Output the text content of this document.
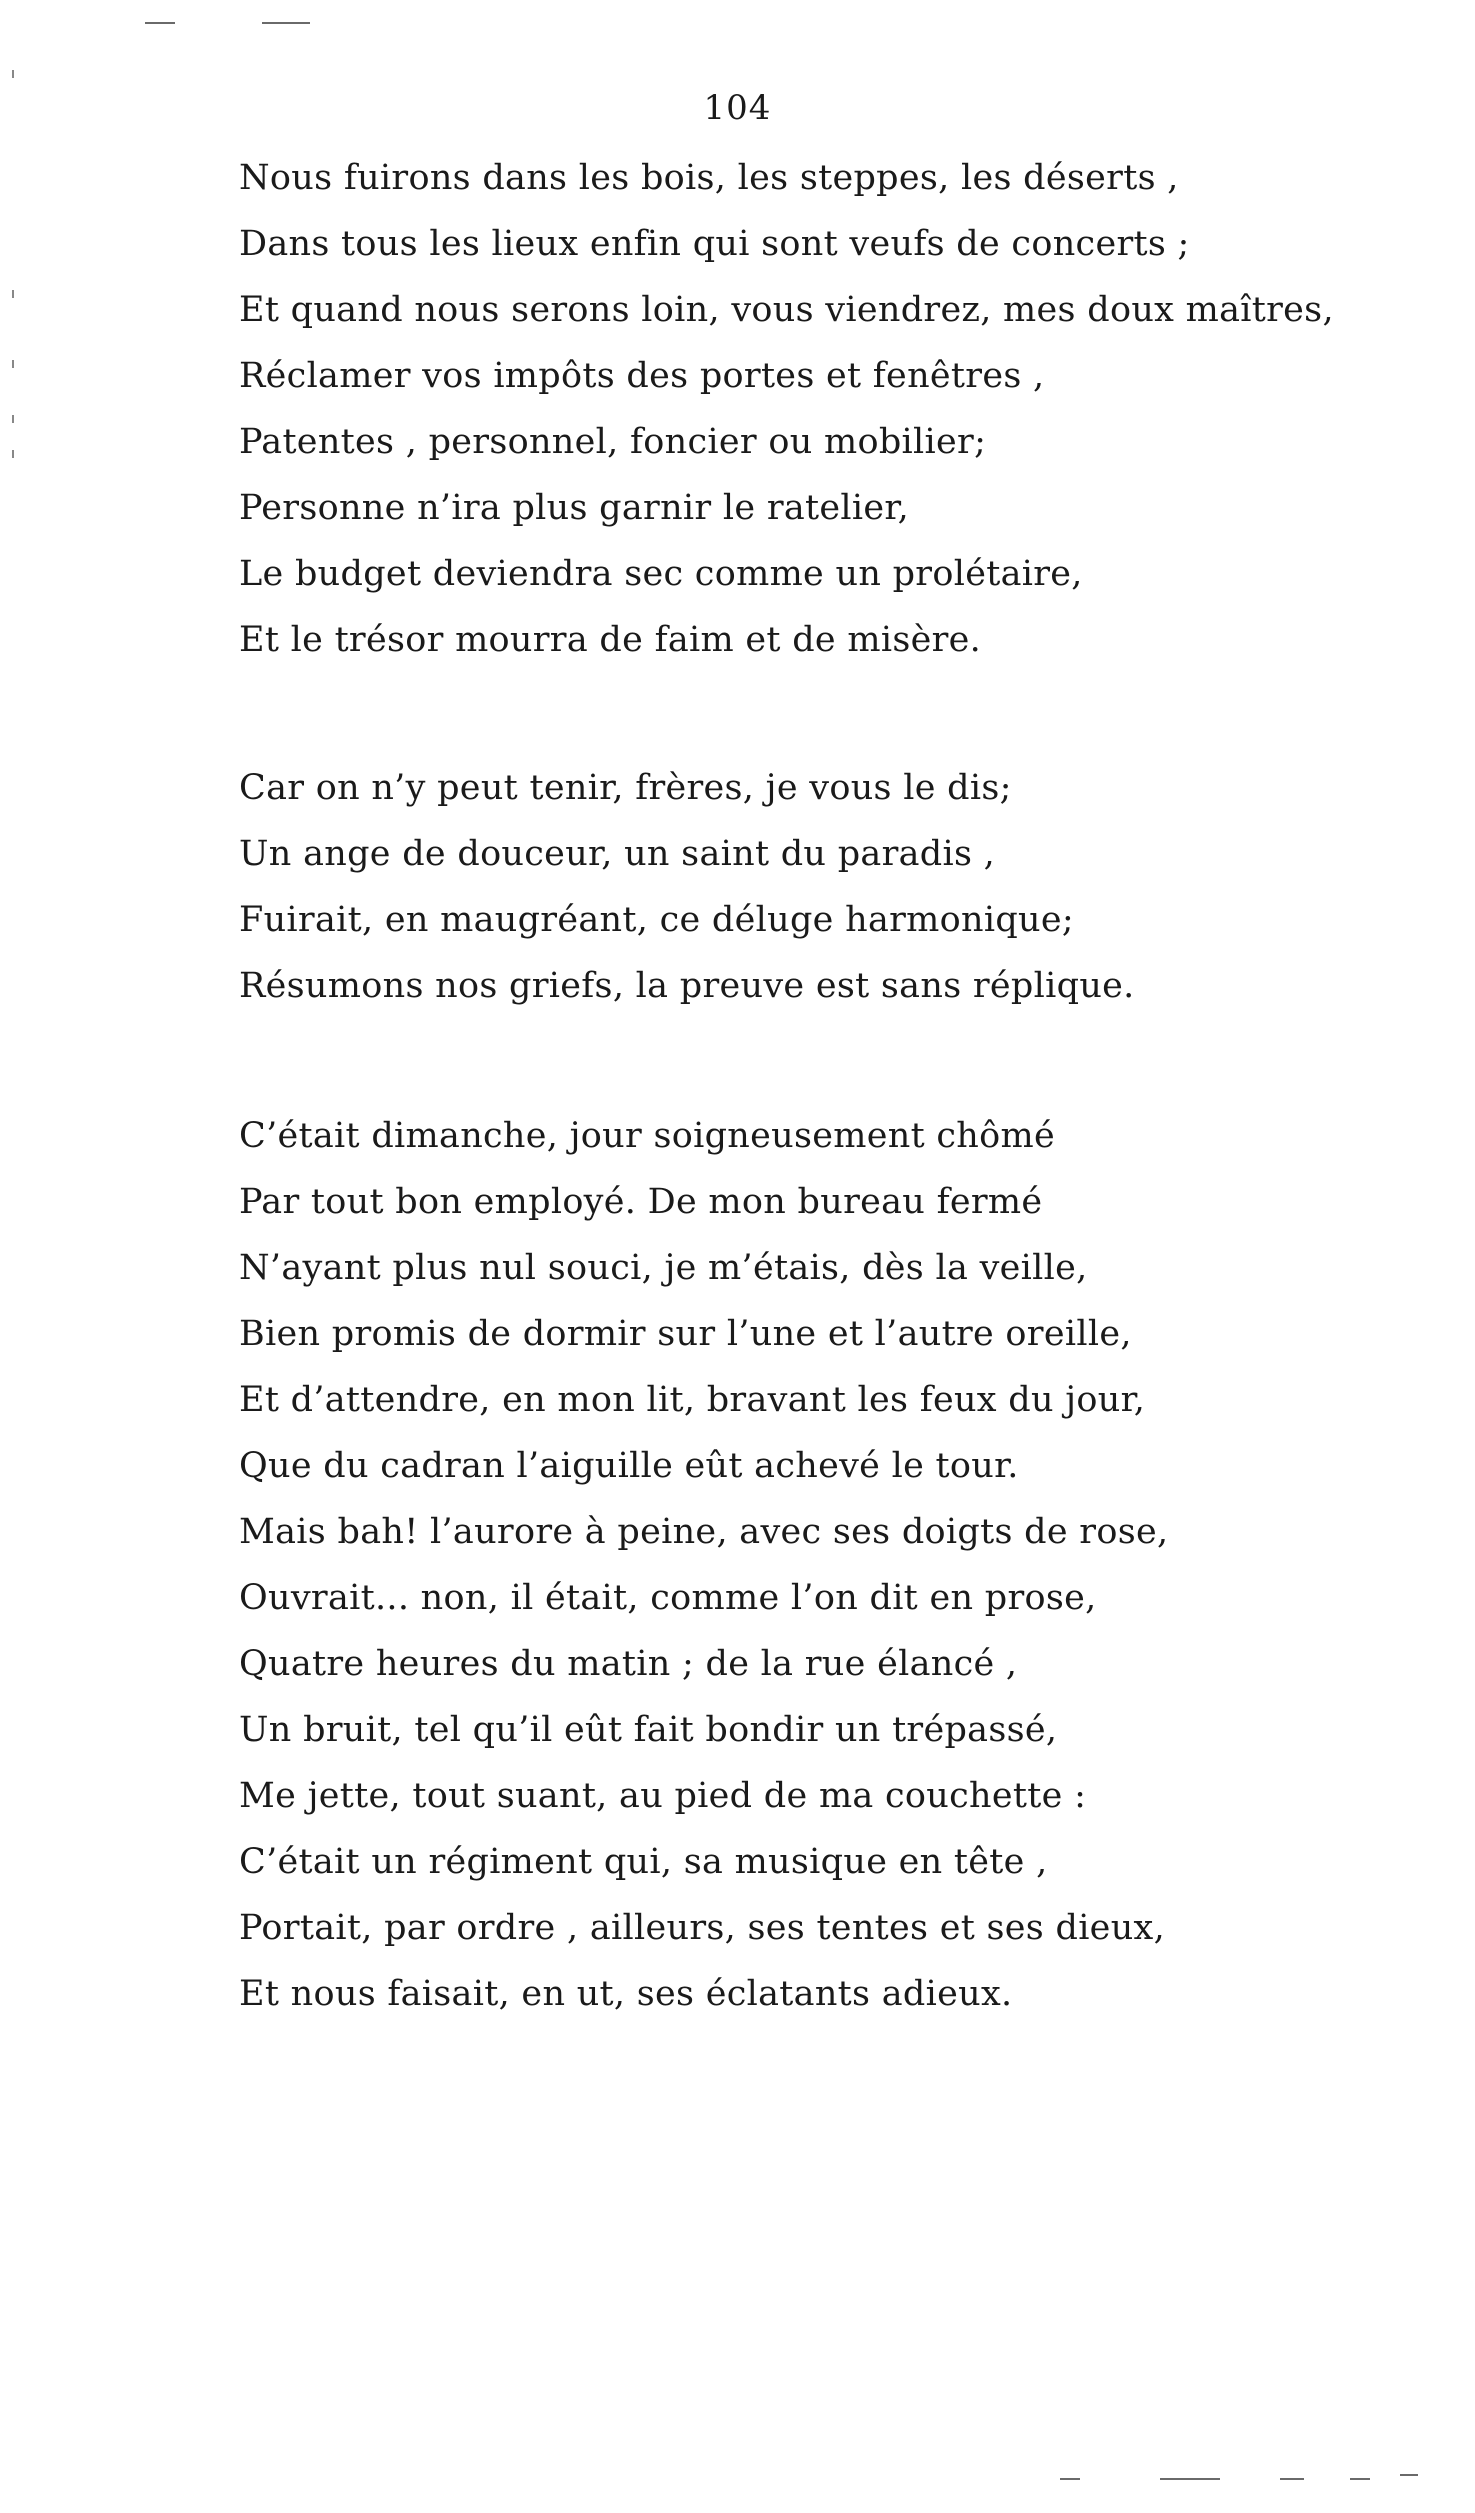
104
Nous fuirons dans les bois, les steppes, les déserts ,
Dans tous les lieux enfin qui sont veufs de concerts ;
Et quand nous serons loin, vous viendrez, mes doux maîtres,
Réclamer vos impôts des portes et fenêtres ,
Patentes , personnel, foncier ou mobilier;
Personne n’ira plus garnir le ratelier,
Le budget deviendra sec comme un prolétaire,
Et le trésor mourra de faim et de misère.
Car on n’y peut tenir, frères, je vous le dis;
Un ange de douceur, un saint du paradis ,
Fuirait, en maugréant, ce déluge harmonique;
Résumons nos griefs, la preuve est sans réplique.
C’était dimanche, jour soigneusement chômé
Par tout bon employé. De mon bureau fermé
N’ayant plus nul souci, je m’étais, dès la veille,
Bien promis de dormir sur l’une et l’autre oreille,
Et d’attendre, en mon lit, bravant les feux du jour,
Que du cadran l’aiguille eût achevé le tour.
Mais bah! l’aurore à peine, avec ses doigts de rose,
Ouvrait... non, il était, comme l’on dit en prose,
Quatre heures du matin ; de la rue élancé ,
Un bruit, tel qu’il eût fait bondir un trépassé,
Me jette, tout suant, au pied de ma couchette :
C’était un régiment qui, sa musique en tête ,
Portait, par ordre , ailleurs, ses tentes et ses dieux,
Et nous faisait, en ut, ses éclatants adieux.
